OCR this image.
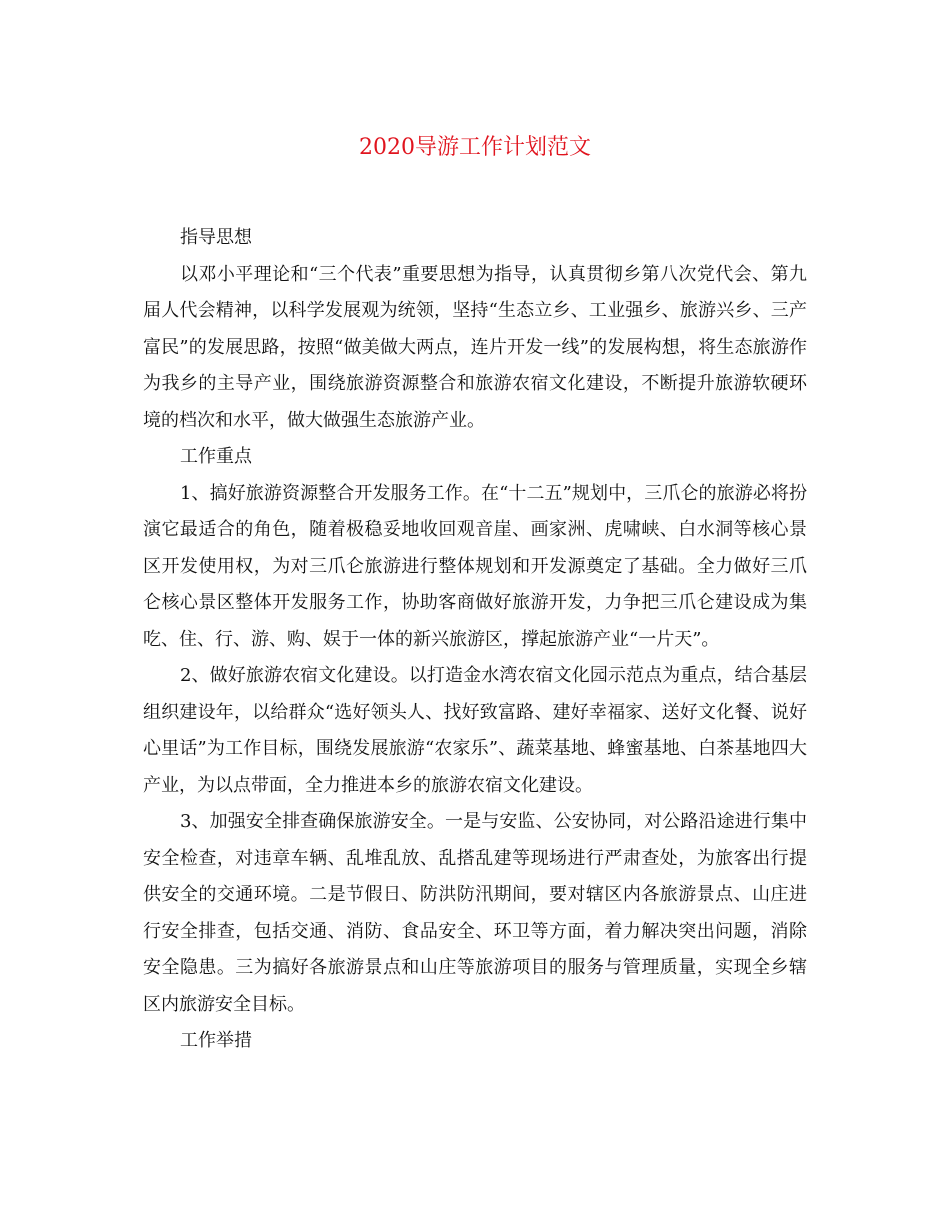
2020导游工作计划范文
指导思想

以邓小平理论和“三个代表”重要思想为指导，认真贯彻乡第八次党代会、第九届人代会精神，以科学发展观为统领，坚持“生态立乡、工业强乡、旅游兴乡、三产富民”的发展思路，按照“做美做大两点，连片开发一线”的发展构想，将生态旅游作为我乡的主导产业，围绕旅游资源整合和旅游农宿文化建设，不断提升旅游软硬环境的档次和水平，做大做强生态旅游产业。

工作重点

1、搞好旅游资源整合开发服务工作。在“十二五”规划中，三爪仑的旅游必将扮演它最适合的角色，随着极稳妥地收回观音崖、画家洲、虎啸峡、白水洞等核心景区开发使用权，为对三爪仑旅游进行整体规划和开发源奠定了基础。全力做好三爪仑核心景区整体开发服务工作，协助客商做好旅游开发，力争把三爪仑建设成为集吃、住、行、游、购、娱于一体的新兴旅游区，撑起旅游产业“一片天”。

2、做好旅游农宿文化建设。以打造金水湾农宿文化园示范点为重点，结合基层组织建设年，以给群众“选好领头人、找好致富路、建好幸福家、送好文化餐、说好心里话”为工作目标，围绕发展旅游“农家乐”、蔬菜基地、蜂蜜基地、白茶基地四大产业，为以点带面，全力推进本乡的旅游农宿文化建设。

3、加强安全排查确保旅游安全。一是与安监、公安协同，对公路沿途进行集中安全检查，对违章车辆、乱堆乱放、乱搭乱建等现场进行严肃查处，为旅客出行提供安全的交通环境。二是节假日、防洪防汛期间，要对辖区内各旅游景点、山庄进行安全排查，包括交通、消防、食品安全、环卫等方面，着力解决突出问题，消除安全隐患。三为搞好各旅游景点和山庄等旅游项目的服务与管理质量，实现全乡辖区内旅游安全目标。

工作举措
